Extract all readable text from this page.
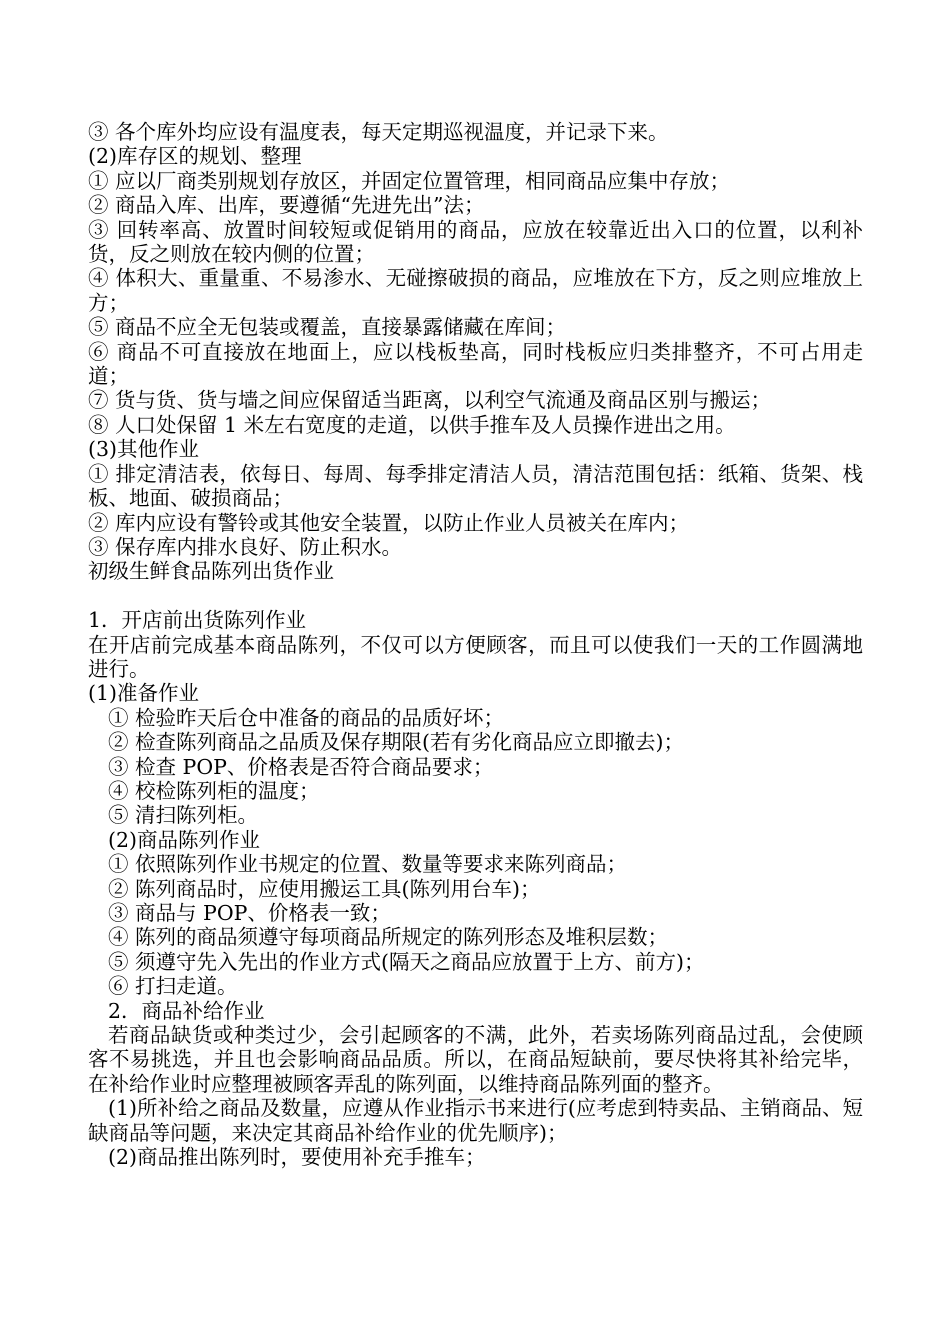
③ 各个库外均应设有温度表，每天定期巡视温度，并记录下来。

(2)库存区的规划、整理

① 应以厂商类别规划存放区，并固定位置管理，相同商品应集中存放；

② 商品入库、出库，要遵循“先进先出”法；

③ 回转率高、放置时间较短或促销用的商品，应放在较靠近出入口的位置，以利补货，反之则放在较内侧的位置；

④ 体积大、重量重、不易渗水、无碰擦破损的商品，应堆放在下方，反之则应堆放上方；

⑤ 商品不应全无包装或覆盖，直接暴露储藏在库间；

⑥ 商品不可直接放在地面上，应以栈板垫高，同时栈板应归类排整齐，不可占用走道；

⑦ 货与货、货与墙之间应保留适当距离，以利空气流通及商品区别与搬运；

⑧ 人口处保留 1 米左右宽度的走道，以供手推车及人员操作进出之用。

(3)其他作业

① 排定清洁表，依每日、每周、每季排定清洁人员，清洁范围包括：纸箱、货架、栈板、地面、破损商品；

② 库内应设有警铃或其他安全装置，以防止作业人员被关在库内；

③ 保存库内排水良好、防止积水。

初级生鲜食品陈列出货作业

1．开店前出货陈列作业

在开店前完成基本商品陈列，不仅可以方便顾客，而且可以使我们一天的工作圆满地进行。

(1)准备作业

① 检验昨天后仓中准备的商品的品质好坏；

② 检查陈列商品之品质及保存期限(若有劣化商品应立即撤去)；

③ 检查 POP、价格表是否符合商品要求；

④ 校检陈列柜的温度；

⑤ 清扫陈列柜。

(2)商品陈列作业

① 依照陈列作业书规定的位置、数量等要求来陈列商品；

② 陈列商品时，应使用搬运工具(陈列用台车)；

③ 商品与 POP、价格表一致；

④ 陈列的商品须遵守每项商品所规定的陈列形态及堆积层数；

⑤ 须遵守先入先出的作业方式(隔天之商品应放置于上方、前方)；

⑥ 打扫走道。

2．商品补给作业

若商品缺货或种类过少，会引起顾客的不满，此外，若卖场陈列商品过乱，会使顾客不易挑选，并且也会影响商品品质。所以，在商品短缺前，要尽快将其补给完毕，在补给作业时应整理被顾客弄乱的陈列面，以维持商品陈列面的整齐。

(1)所补给之商品及数量，应遵从作业指示书来进行(应考虑到特卖品、主销商品、短缺商品等问题，来决定其商品补给作业的优先顺序)；

(2)商品推出陈列时，要使用补充手推车；
